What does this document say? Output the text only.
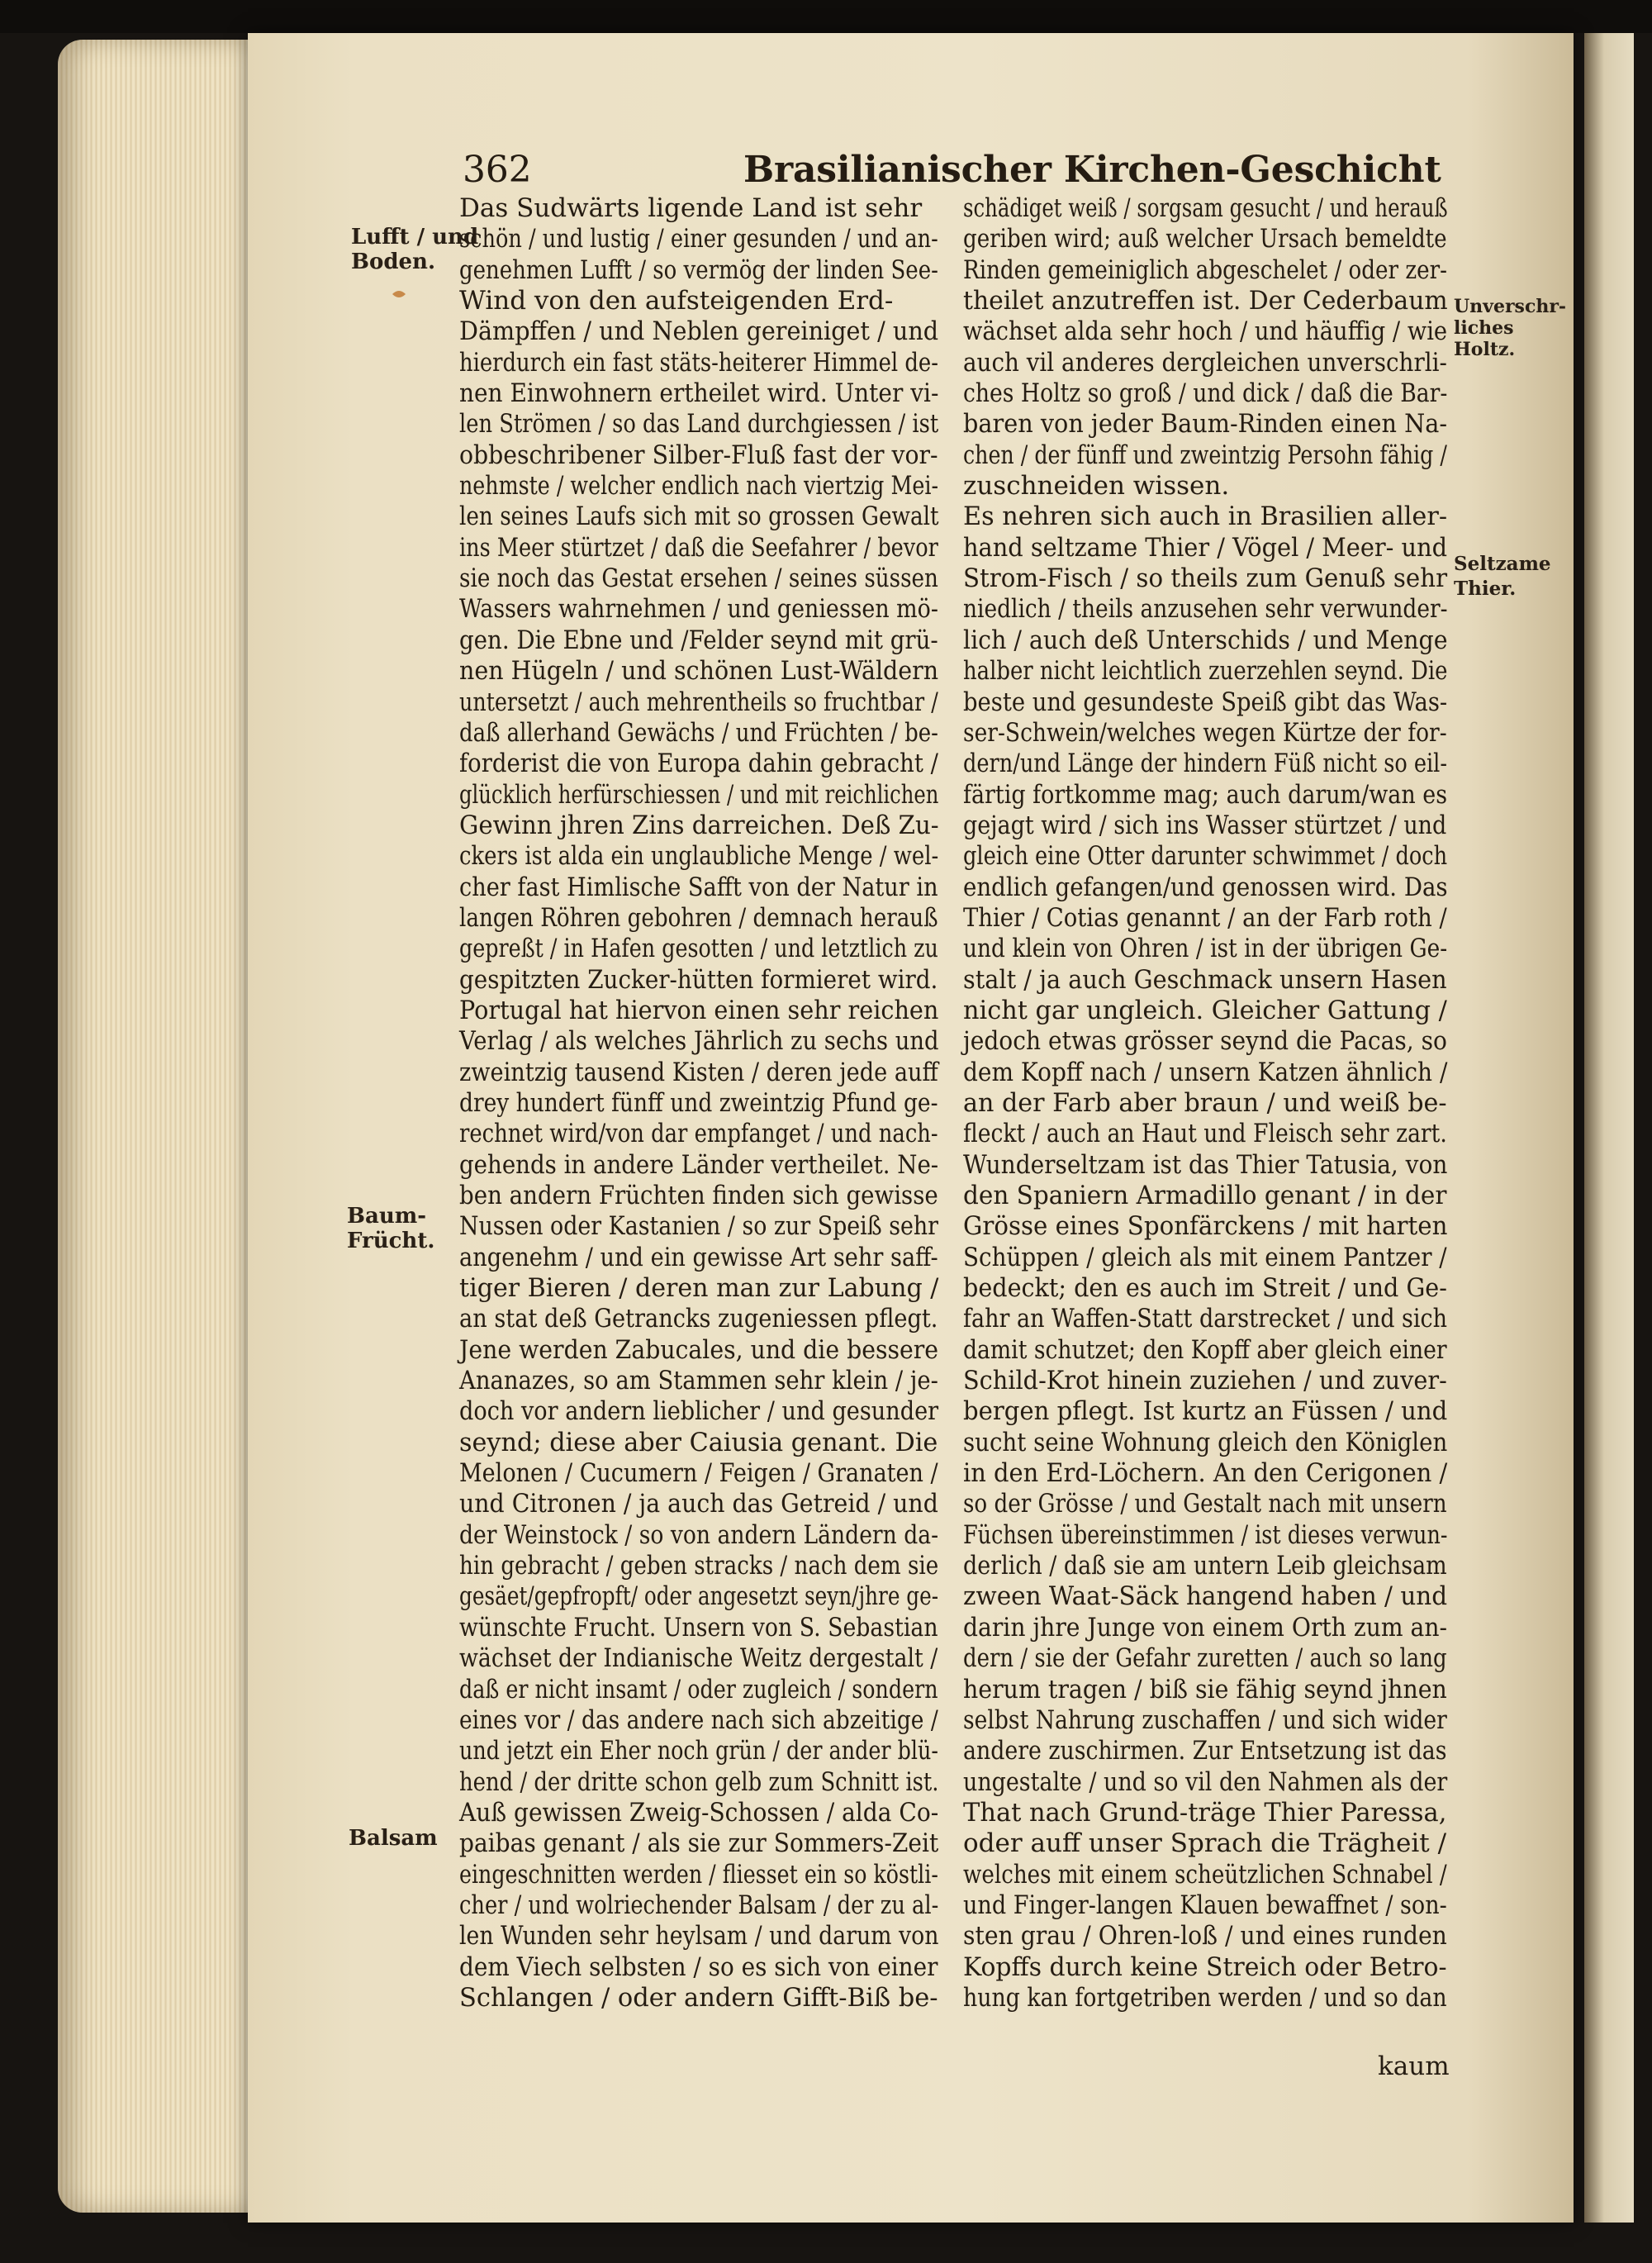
362	Brasilianischer Kirchen-Geschicht
Lufft / und
Boden.
Baum-
Frücht.
Balsam
Unverschr-
liches
Holtz.
Seltzame
Thier.
Das Sudwärts ligende Land ist sehr
schön / und lustig / einer gesunden / und an-
genehmen Lufft / so vermög der linden See-
Wind von den aufsteigenden Erd-
Dämpffen / und Neblen gereiniget / und
hierdurch ein fast stäts-heiterer Himmel de-
nen Einwohnern ertheilet wird. Unter vi-
len Strömen / so das Land durchgiessen / ist
obbeschribener Silber-Fluß fast der vor-
nehmste / welcher endlich nach viertzig Mei-
len seines Laufs sich mit so grossen Gewalt
ins Meer stürtzet / daß die Seefahrer / bevor
sie noch das Gestat ersehen / seines süssen
Wassers wahrnehmen / und geniessen mö-
gen. Die Ebne und /Felder seynd mit grü-
nen Hügeln / und schönen Lust-Wäldern
untersetzt / auch mehrentheils so fruchtbar /
daß allerhand Gewächs / und Früchten / be-
forderist die von Europa dahin gebracht /
glücklich herfürschiessen / und mit reichlichen
Gewinn jhren Zins darreichen. Deß Zu-
ckers ist alda ein unglaubliche Menge / wel-
cher fast Himlische Safft von der Natur in
langen Röhren gebohren / demnach herauß
gepreßt / in Hafen gesotten / und letztlich zu
gespitzten Zucker-hütten formieret wird.
Portugal hat hiervon einen sehr reichen
Verlag / als welches Jährlich zu sechs und
zweintzig tausend Kisten / deren jede auff
drey hundert fünff und zweintzig Pfund ge-
rechnet wird/von dar empfanget / und nach-
gehends in andere Länder vertheilet. Ne-
ben andern Früchten finden sich gewisse
Nussen oder Kastanien / so zur Speiß sehr
angenehm / und ein gewisse Art sehr saff-
tiger Bieren / deren man zur Labung /
an stat deß Getrancks zugeniessen pflegt.
Jene werden Zabucales, und die bessere
Ananazes, so am Stammen sehr klein / je-
doch vor andern lieblicher / und gesunder
seynd; diese aber Caiusia genant. Die
Melonen / Cucumern / Feigen / Granaten /
und Citronen / ja auch das Getreid / und
der Weinstock / so von andern Ländern da-
hin gebracht / geben stracks / nach dem sie
gesäet/gepfropft/ oder angesetzt seyn/jhre ge-
wünschte Frucht. Unsern von S. Sebastian
wächset der Indianische Weitz dergestalt /
daß er nicht insamt / oder zugleich / sondern
eines vor / das andere nach sich abzeitige /
und jetzt ein Eher noch grün / der ander blü-
hend / der dritte schon gelb zum Schnitt ist.
Auß gewissen Zweig-Schossen / alda Co-
paibas genant / als sie zur Sommers-Zeit
eingeschnitten werden / fliesset ein so köstli-
cher / und wolriechender Balsam / der zu al-
len Wunden sehr heylsam / und darum von
dem Viech selbsten / so es sich von einer
Schlangen / oder andern Gifft-Biß be-
schädiget weiß / sorgsam gesucht / und herauß
geriben wird; auß welcher Ursach bemeldte
Rinden gemeiniglich abgeschelet / oder zer-
theilet anzutreffen ist. Der Cederbaum
wächset alda sehr hoch / und häuffig / wie
auch vil anderes dergleichen unverschrli-
ches Holtz so groß / und dick / daß die Bar-
baren von jeder Baum-Rinden einen Na-
chen / der fünff und zweintzig Persohn fähig /
zuschneiden wissen.
Es nehren sich auch in Brasilien aller-
hand seltzame Thier / Vögel / Meer- und
Strom-Fisch / so theils zum Genuß sehr
niedlich / theils anzusehen sehr verwunder-
lich / auch deß Unterschids / und Menge
halber nicht leichtlich zuerzehlen seynd. Die
beste und gesundeste Speiß gibt das Was-
ser-Schwein/welches wegen Kürtze der for-
dern/und Länge der hindern Füß nicht so eil-
färtig fortkomme mag; auch darum/wan es
gejagt wird / sich ins Wasser stürtzet / und
gleich eine Otter darunter schwimmet / doch
endlich gefangen/und genossen wird. Das
Thier / Cotias genannt / an der Farb roth /
und klein von Ohren / ist in der übrigen Ge-
stalt / ja auch Geschmack unsern Hasen
nicht gar ungleich. Gleicher Gattung /
jedoch etwas grösser seynd die Pacas, so
dem Kopff nach / unsern Katzen ähnlich /
an der Farb aber braun / und weiß be-
fleckt / auch an Haut und Fleisch sehr zart.
Wunderseltzam ist das Thier Tatusia, von
den Spaniern Armadillo genant / in der
Grösse eines Sponfärckens / mit harten
Schüppen / gleich als mit einem Pantzer /
bedeckt; den es auch im Streit / und Ge-
fahr an Waffen-Statt darstrecket / und sich
damit schutzet; den Kopff aber gleich einer
Schild-Krot hinein zuziehen / und zuver-
bergen pflegt. Ist kurtz an Füssen / und
sucht seine Wohnung gleich den Königlen
in den Erd-Löchern. An den Cerigonen /
so der Grösse / und Gestalt nach mit unsern
Füchsen übereinstimmen / ist dieses verwun-
derlich / daß sie am untern Leib gleichsam
zween Waat-Säck hangend haben / und
darin jhre Junge von einem Orth zum an-
dern / sie der Gefahr zuretten / auch so lang
herum tragen / biß sie fähig seynd jhnen
selbst Nahrung zuschaffen / und sich wider
andere zuschirmen. Zur Entsetzung ist das
ungestalte / und so vil den Nahmen als der
That nach Grund-träge Thier Paressa,
oder auff unser Sprach die Trägheit /
welches mit einem scheützlichen Schnabel /
und Finger-langen Klauen bewaffnet / son-
sten grau / Ohren-loß / und eines runden
Kopffs durch keine Streich oder Betro-
hung kan fortgetriben werden / und so dan
kaum
